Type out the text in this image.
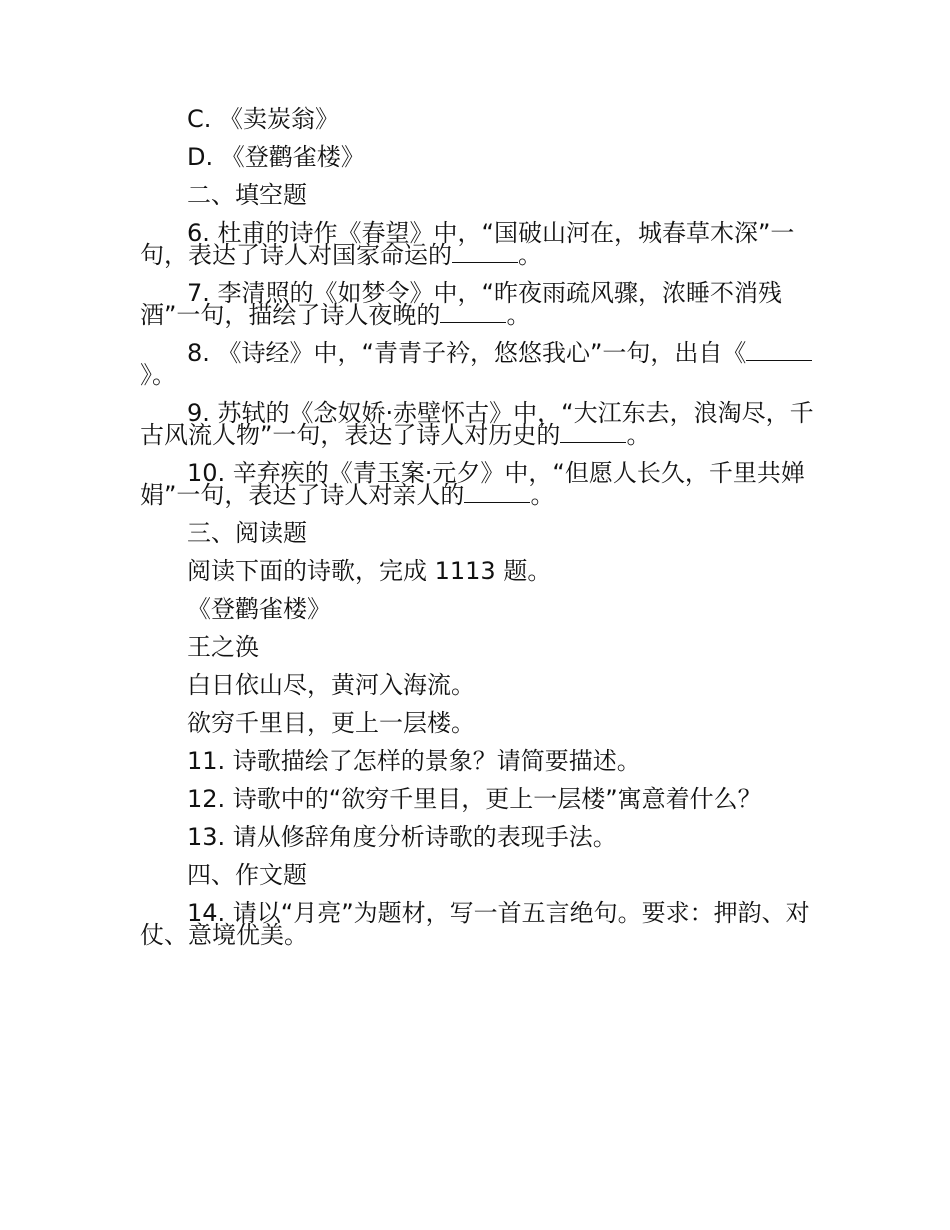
C. 《卖炭翁》

D. 《登鹳雀楼》

二、填空题

6. 杜甫的诗作《春望》中，“国破山河在，城春草木深”一句，表达了诗人对国家命运的	。

7. 李清照的《如梦令》中，“昨夜雨疏风骤，浓睡不消残酒”一句，描绘了诗人夜晚的	。

8. 《诗经》中，“青青子衿，悠悠我心”一句，出自《》。

9. 苏轼的《念奴娇·赤壁怀古》中，“大江东去，浪淘尽，千古风流人物”一句，表达了诗人对历史的	。

10. 辛弃疾的《青玉案·元夕》中，“但愿人长久，千里共婵娟”一句，表达了诗人对亲人的	。

三、阅读题

阅读下面的诗歌，完成 1113 题。

《登鹳雀楼》

王之涣

白日依山尽，黄河入海流。

欲穷千里目，更上一层楼。

11. 诗歌描绘了怎样的景象？请简要描述。

12. 诗歌中的“欲穷千里目，更上一层楼”寓意着什么？

13. 请从修辞角度分析诗歌的表现手法。

四、作文题

14. 请以“月亮”为题材，写一首五言绝句。要求：押韵、对仗、意境优美。
